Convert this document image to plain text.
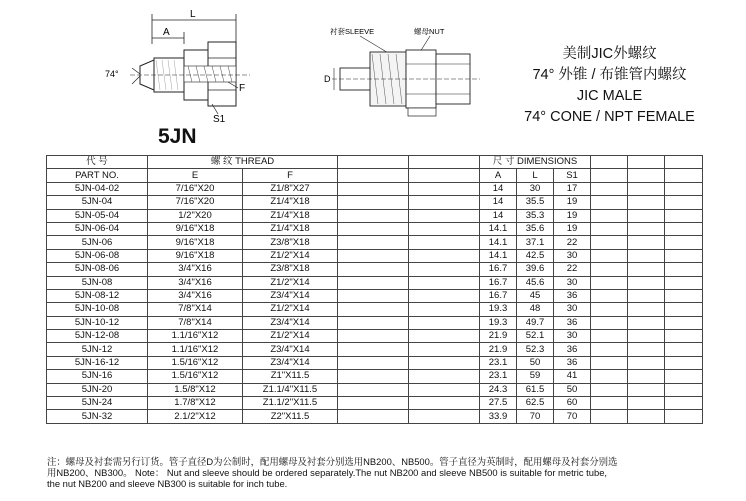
L
A
74°
F
S1
衬套SLEEVE	螺母NUT
D
美制JIC外螺纹
74° 外锥 / 布锥管内螺纹
JIC MALE
74° CONE / NPT FEMALE
5JN
代 号	螺 纹 THREAD				尺 寸 DIMENSIONS					
PART NO.	E	F			A	L	S1			
5JN-04-02	7/16"X20	Z1/8"X27			14	30	17			
5JN-04	7/16"X20	Z1/4"X18			14	35.5	19			
5JN-05-04	1/2"X20	Z1/4"X18			14	35.3	19			
5JN-06-04	9/16"X18	Z1/4"X18			14.1	35.6	19			
5JN-06	9/16"X18	Z3/8"X18			14.1	37.1	22			
5JN-06-08	9/16"X18	Z1/2"X14			14.1	42.5	30			
5JN-08-06	3/4"X16	Z3/8"X18			16.7	39.6	22			
5JN-08	3/4"X16	Z1/2"X14			16.7	45.6	30			
5JN-08-12	3/4"X16	Z3/4"X14			16.7	45	36			
5JN-10-08	7/8"X14	Z1/2"X14			19.3	48	30			
5JN-10-12	7/8"X14	Z3/4"X14			19.3	49.7	36			
5JN-12-08	1.1/16"X12	Z1/2"X14			21.9	52.1	30			
5JN-12	1.1/16"X12	Z3/4"X14			21.9	52.3	36			
5JN-16-12	1.5/16"X12	Z3/4"X14			23.1	50	36			
5JN-16	1.5/16"X12	Z1"X11.5			23.1	59	41			
5JN-20	1.5/8"X12	Z1.1/4"X11.5			24.3	61.5	50			
5JN-24	1.7/8"X12	Z1.1/2"X11.5			27.5	62.5	60			
5JN-32	2.1/2"X12	Z2"X11.5			33.9	70	70			
注：螺母及衬套需另行订货。管子直径D为公制时，配用螺母及衬套分别选用NB200、NB500。管子直径为英制时，配用螺母及衬套分别选
用NB200、NB300。 Note： Nut and sleeve should be ordered separately.The nut NB200 and sleeve NB500 is suitable for metric tube,
the nut NB200 and sleeve NB300 is suitable for inch tube.
